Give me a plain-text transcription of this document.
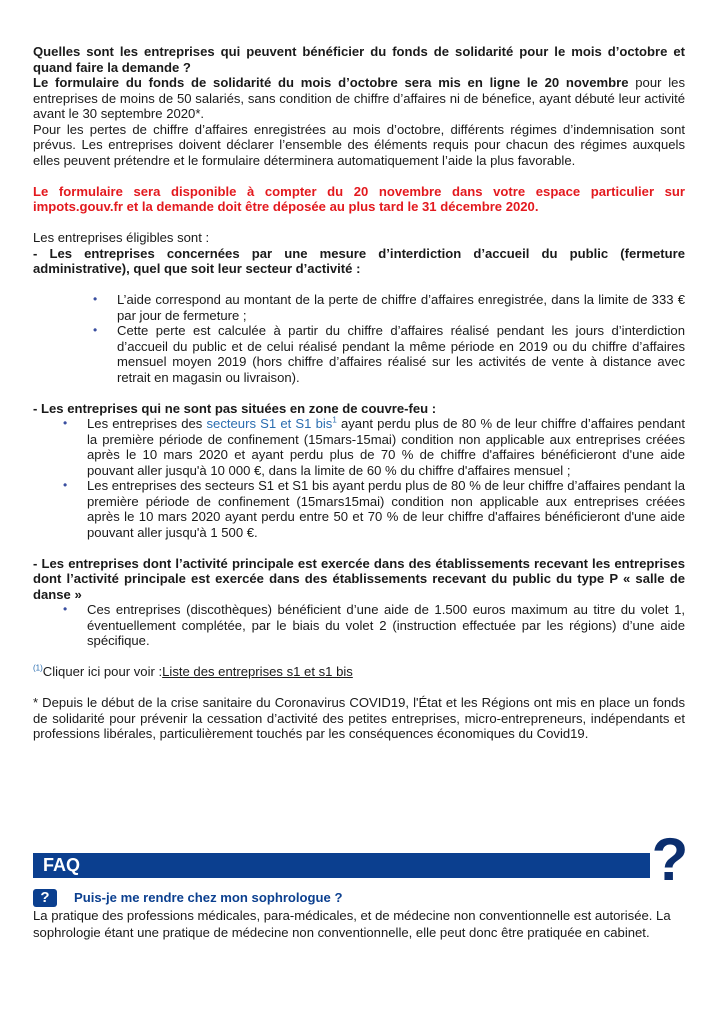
Quelles sont les entreprises qui peuvent bénéficier du fonds de solidarité pour le mois d’octobre et quand faire la demande ?

Le formulaire du fonds de solidarité du mois d’octobre sera mis en ligne le 20 novembre pour les entreprises de moins de 50 salariés, sans condition de chiffre d’affaires ni de bénefice, ayant débuté leur activité avant le 30 septembre 2020*.

Pour les pertes de chiffre d’affaires enregistrées au mois d’octobre, différents régimes d’indemnisation sont prévus. Les entreprises doivent déclarer l’ensemble des éléments requis pour chacun des régimes auxquels elles peuvent prétendre et le formulaire déterminera automatiquement l’aide la plus favorable.

Le formulaire sera disponible à compter du 20 novembre dans votre espace particulier sur impots.gouv.fr et la demande doit être déposée au plus tard le 31 décembre 2020.

Les entreprises éligibles sont :

- Les entreprises concernées par une mesure d’interdiction d’accueil du public (fermeture administrative), quel que soit leur secteur d’activité :

• L’aide correspond au montant de la perte de chiffre d’affaires enregistrée, dans la limite de 333 € par jour de fermeture ;
• Cette perte est calculée à partir du chiffre d’affaires réalisé pendant les jours d’interdiction d’accueil du public et de celui réalisé pendant la même période en 2019 ou du chiffre d’affaires mensuel moyen 2019 (hors chiffre d’affaires réalisé sur les activités de vente à distance avec retrait en magasin ou livraison).

- Les entreprises qui ne sont pas situées en zone de couvre-feu :

• Les entreprises des secteurs S1 et S1 bis$^1$ ayant perdu plus de 80 % de leur chiffre d’affaires pendant la première période de confinement (15mars-15mai) condition non applicable aux entreprises créées après le 10 mars 2020 et ayant perdu plus de 70 % de chiffre d'affaires bénéficieront d'une aide pouvant aller jusqu'à 10 000 €, dans la limite de 60 % du chiffre d'affaires mensuel ;
• Les entreprises des secteurs S1 et S1 bis ayant perdu plus de 80 % de leur chiffre d’affaires pendant la première période de confinement (15mars15mai) condition non applicable aux entreprises créées après le 10 mars 2020 ayant perdu entre 50 et 70 % de leur chiffre d'affaires bénéficieront d'une aide pouvant aller jusqu'à 1 500 €.

- Les entreprises dont l’activité principale est exercée dans des établissements recevant les entreprises dont l’activité principale est exercée dans des établissements recevant du public du type P « salle de danse »

• Ces entreprises (discothèques) bénéficient d’une aide de 1.500 euros maximum au titre du volet 1, éventuellement complétée, par le biais du volet 2 (instruction effectuée par les régions) d’une aide spécifique.

$^{(1)}$Cliquer ici pour voir :Liste des entreprises s1 et s1 bis

* Depuis le début de la crise sanitaire du Coronavirus COVID19, l'État et les Régions ont mis en place un fonds de solidarité pour prévenir la cessation d’activité des petites entreprises, micro-entrepreneurs, indépendants et professions libérales, particulièrement touchés par les conséquences économiques du Covid19.

FAQ	?
?	Puis-je me rendre chez mon sophrologue ?
La pratique des professions médicales, para-médicales, et de médecine non conventionnelle est autorisée. La sophrologie étant une pratique de médecine non conventionnelle, elle peut donc être pratiquée en cabinet.
